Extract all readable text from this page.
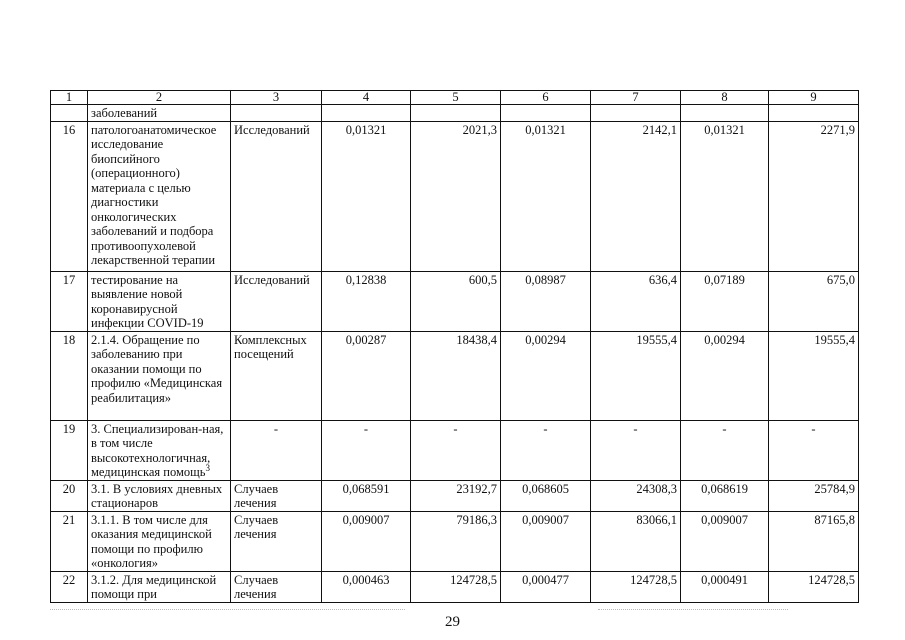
1	2	3	4	5	6	7	8	9
	заболеваний							
16	патологоанатомическое исследование биопсийного (операционного) материала с целью диагностики онкологических заболеваний и подбора противоопухолевой лекарственной терапии	Исследований	0,01321	2021,3	0,01321	2142,1	0,01321	2271,9
17	тестирование на выявление новой коронавирусной инфекции COVID-19	Исследований	0,12838	600,5	0,08987	636,4	0,07189	675,0
18	2.1.4. Обращение по заболеванию при оказании помощи по профилю «Медицинская реабилитация»	Комплексных посещений	0,00287	18438,4	0,00294	19555,4	0,00294	19555,4
19	3. Специализирован-ная, в том числе высокотехнологичная, медицинская помощь$^3$	-	-	-	-	-	-	-
20	3.1. В условиях дневных стационаров	Случаев лечения	0,068591	23192,7	0,068605	24308,3	0,068619	25784,9
21	3.1.1. В том числе для оказания медицинской помощи по профилю «онкология»	Случаев лечения	0,009007	79186,3	0,009007	83066,1	0,009007	87165,8
22	3.1.2. Для медицинской помощи при	Случаев лечения	0,000463	124728,5	0,000477	124728,5	0,000491	124728,5
29
